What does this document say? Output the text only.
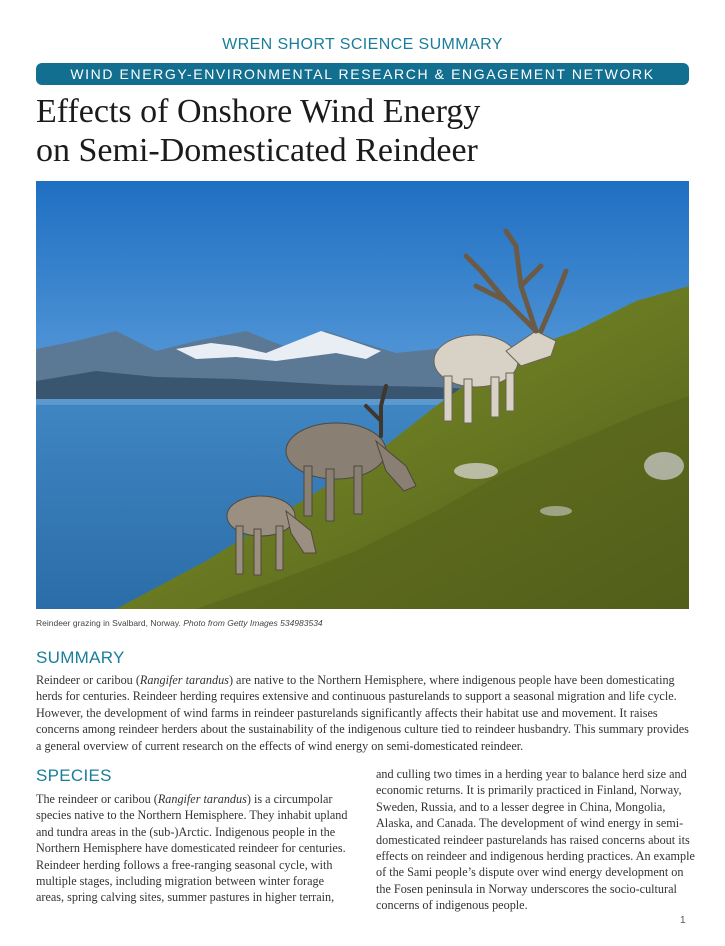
WREN SHORT SCIENCE SUMMARY
WIND ENERGY-ENVIRONMENTAL RESEARCH & ENGAGEMENT NETWORK
Effects of Onshore Wind Energy
on Semi-Domesticated Reindeer
Reindeer grazing in Svalbard, Norway. Photo from Getty Images 534983534
SUMMARY
Reindeer or caribou (Rangifer tarandus) are native to the Northern Hemisphere, where indigenous people have been domesticating
herds for centuries. Reindeer herding requires extensive and continuous pasturelands to support a seasonal migration and life cycle.
However, the development of wind farms in reindeer pasturelands significantly affects their habitat use and movement. It raises
concerns among reindeer herders about the sustainability of the indigenous culture tied to reindeer husbandry. This summary provides
a general overview of current research on the effects of wind energy on semi-domesticated reindeer.
SPECIES
The reindeer or caribou (Rangifer tarandus) is a circumpolar
species native to the Northern Hemisphere. They inhabit upland
and tundra areas in the (sub-)Arctic. Indigenous people in the
Northern Hemisphere have domesticated reindeer for centuries.
Reindeer herding follows a free-ranging seasonal cycle, with
multiple stages, including migration between winter forage
areas, spring calving sites, summer pastures in higher terrain,
and culling two times in a herding year to balance herd size and
economic returns. It is primarily practiced in Finland, Norway,
Sweden, Russia, and to a lesser degree in China, Mongolia,
Alaska, and Canada. The development of wind energy in semi-
domesticated reindeer pasturelands has raised concerns about its
effects on reindeer and indigenous herding practices. An example
of the Sami people’s dispute over wind energy development on
the Fosen peninsula in Norway underscores the socio-cultural
concerns of indigenous people.
1
